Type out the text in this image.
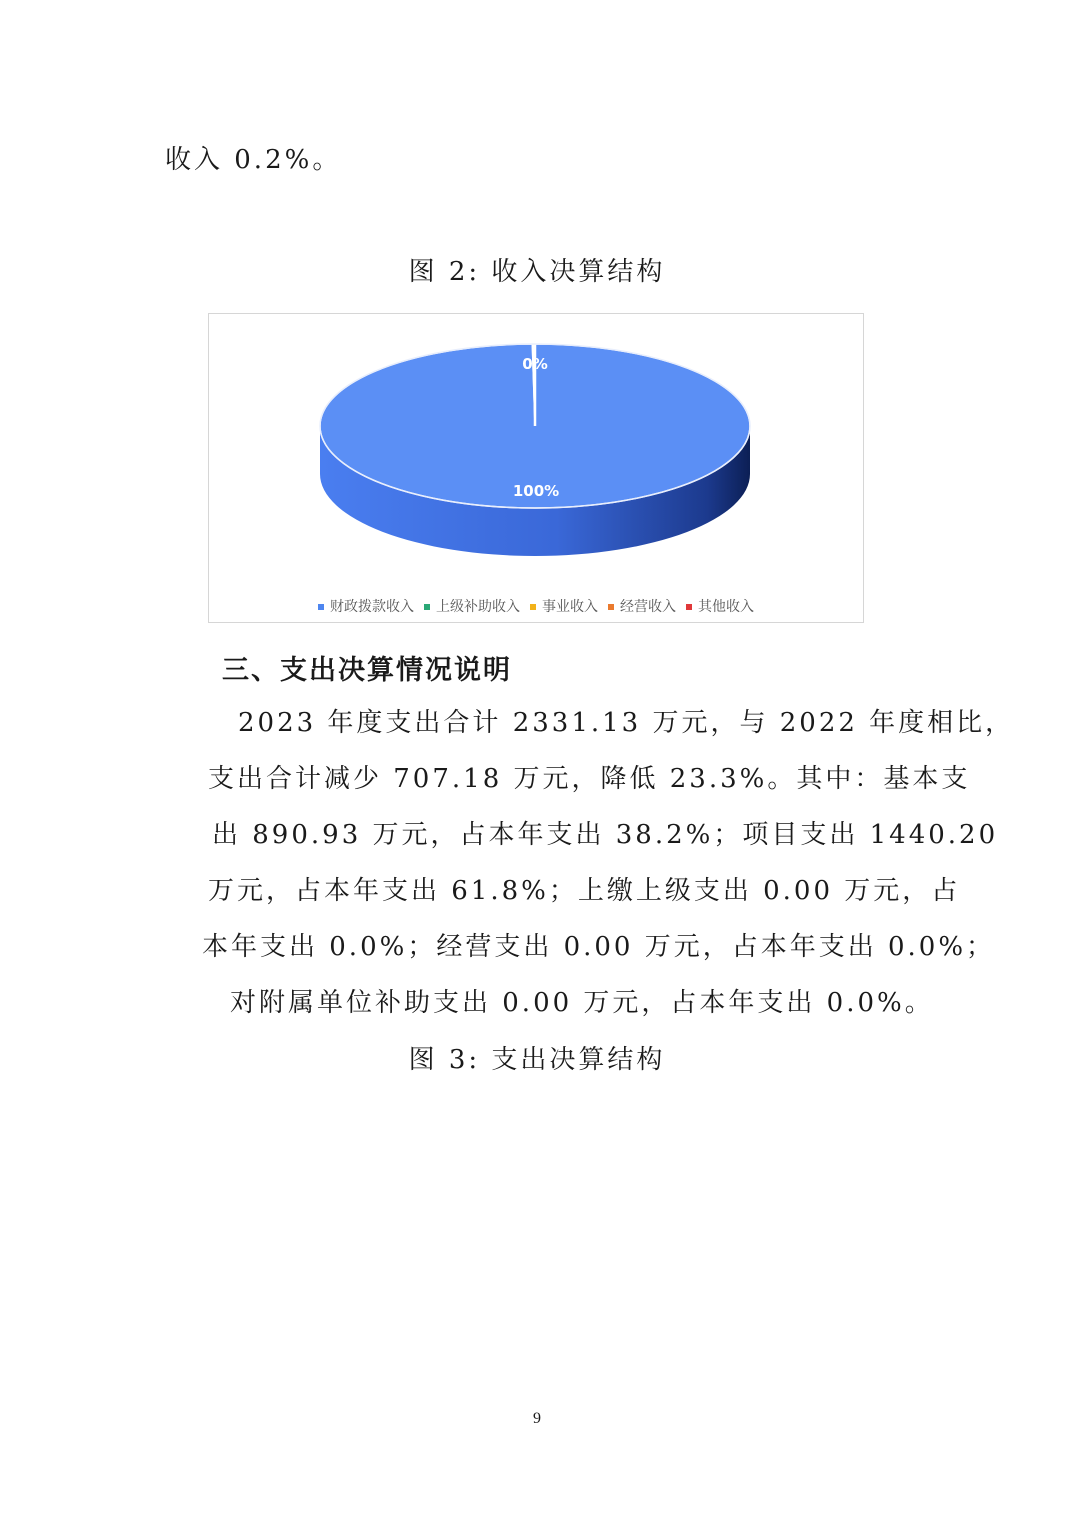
收入 0.2%。
图 2: 收入决算结构
100%
0%
财政拨款收入 上级补助收入 事业收入 经营收入 其他收入
三、支出决算情况说明
2023 年度支出合计 2331.13 万元，与 2022 年度相比，
支出合计减少 707.18 万元，降低 23.3%。其中：基本支
出 890.93 万元，占本年支出 38.2%；项目支出 1440.20
万元，占本年支出 61.8%；上缴上级支出 0.00 万元，占
本年支出 0.0%；经营支出 0.00 万元，占本年支出 0.0%；
对附属单位补助支出 0.00 万元，占本年支出 0.0%。
图 3: 支出决算结构
9
